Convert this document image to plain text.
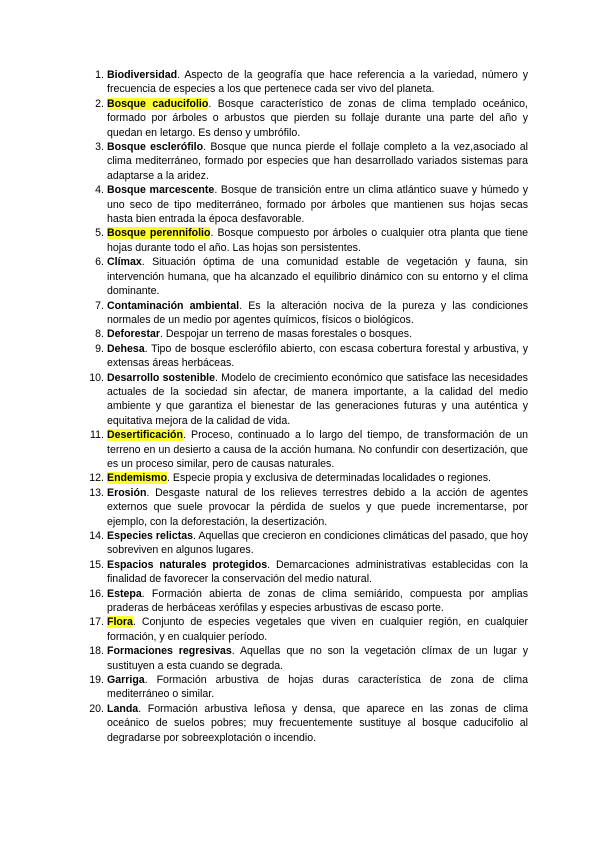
1. Biodiversidad. Aspecto de la geografía que hace referencia a la variedad, número y frecuencia de especies a los que pertenece cada ser vivo del planeta.
2. Bosque caducifolio. Bosque característico de zonas de clima templado oceánico, formado por árboles o arbustos que pierden su follaje durante una parte del año y quedan en letargo. Es denso y umbrófilo.
3. Bosque esclerófilo. Bosque que nunca pierde el follaje completo a la vez,asociado al clima mediterráneo, formado por especies que han desarrollado variados sistemas para adaptarse a la aridez.
4. Bosque marcescente. Bosque de transición entre un clima atlántico suave y húmedo y uno seco de tipo mediterráneo, formado por árboles que mantienen sus hojas secas hasta bien entrada la época desfavorable.
5. Bosque perennifolio. Bosque compuesto por árboles o cualquier otra planta que tiene hojas durante todo el año. Las hojas son persistentes.
6. Clímax. Situación óptima de una comunidad estable de vegetación y fauna, sin intervención humana, que ha alcanzado el equilibrio dinámico con su entorno y el clima dominante.
7. Contaminación ambiental. Es la alteración nociva de la pureza y las condiciones normales de un medio por agentes químicos, físicos o biológicos.
8. Deforestar. Despojar un terreno de masas forestales o bosques.
9. Dehesa. Tipo de bosque esclerófilo abierto, con escasa cobertura forestal y arbustiva, y extensas áreas herbáceas.
10. Desarrollo sostenible. Modelo de crecimiento económico que satisface las necesidades actuales de la sociedad sin afectar, de manera importante, a la calidad del medio ambiente y que garantiza el bienestar de las generaciones futuras y una auténtica y equitativa mejora de la calidad de vida.
11. Desertificación. Proceso, continuado a lo largo del tiempo, de transformación de un terreno en un desierto a causa de la acción humana. No confundir con desertización, que es un proceso similar, pero de causas naturales.
12. Endemismo. Especie propia y exclusiva de determinadas localidades o regiones.
13. Erosión. Desgaste natural de los relieves terrestres debido a la acción de agentes externos que suele provocar la pérdida de suelos y que puede incrementarse, por ejemplo, con la deforestación, la desertización.
14. Especies relictas. Aquellas que crecieron en condiciones climáticas del pasado, que hoy sobreviven en algunos lugares.
15. Espacios naturales protegidos. Demarcaciones administrativas establecidas con la finalidad de favorecer la conservación del medio natural.
16. Estepa. Formación abierta de zonas de clima semiárido, compuesta por amplias praderas de herbáceas xerófilas y especies arbustivas de escaso porte.
17. Flora. Conjunto de especies vegetales que viven en cualquier región, en cualquier formación, y en cualquier período.
18. Formaciones regresivas. Aquellas que no son la vegetación clímax de un lugar y sustituyen a esta cuando se degrada.
19. Garriga. Formación arbustiva de hojas duras característica de zona de clima mediterráneo o similar.
20. Landa. Formación arbustiva leñosa y densa, que aparece en las zonas de clima oceánico de suelos pobres; muy frecuentemente sustituye al bosque caducifolio al degradarse por sobreexplotación o incendio.
